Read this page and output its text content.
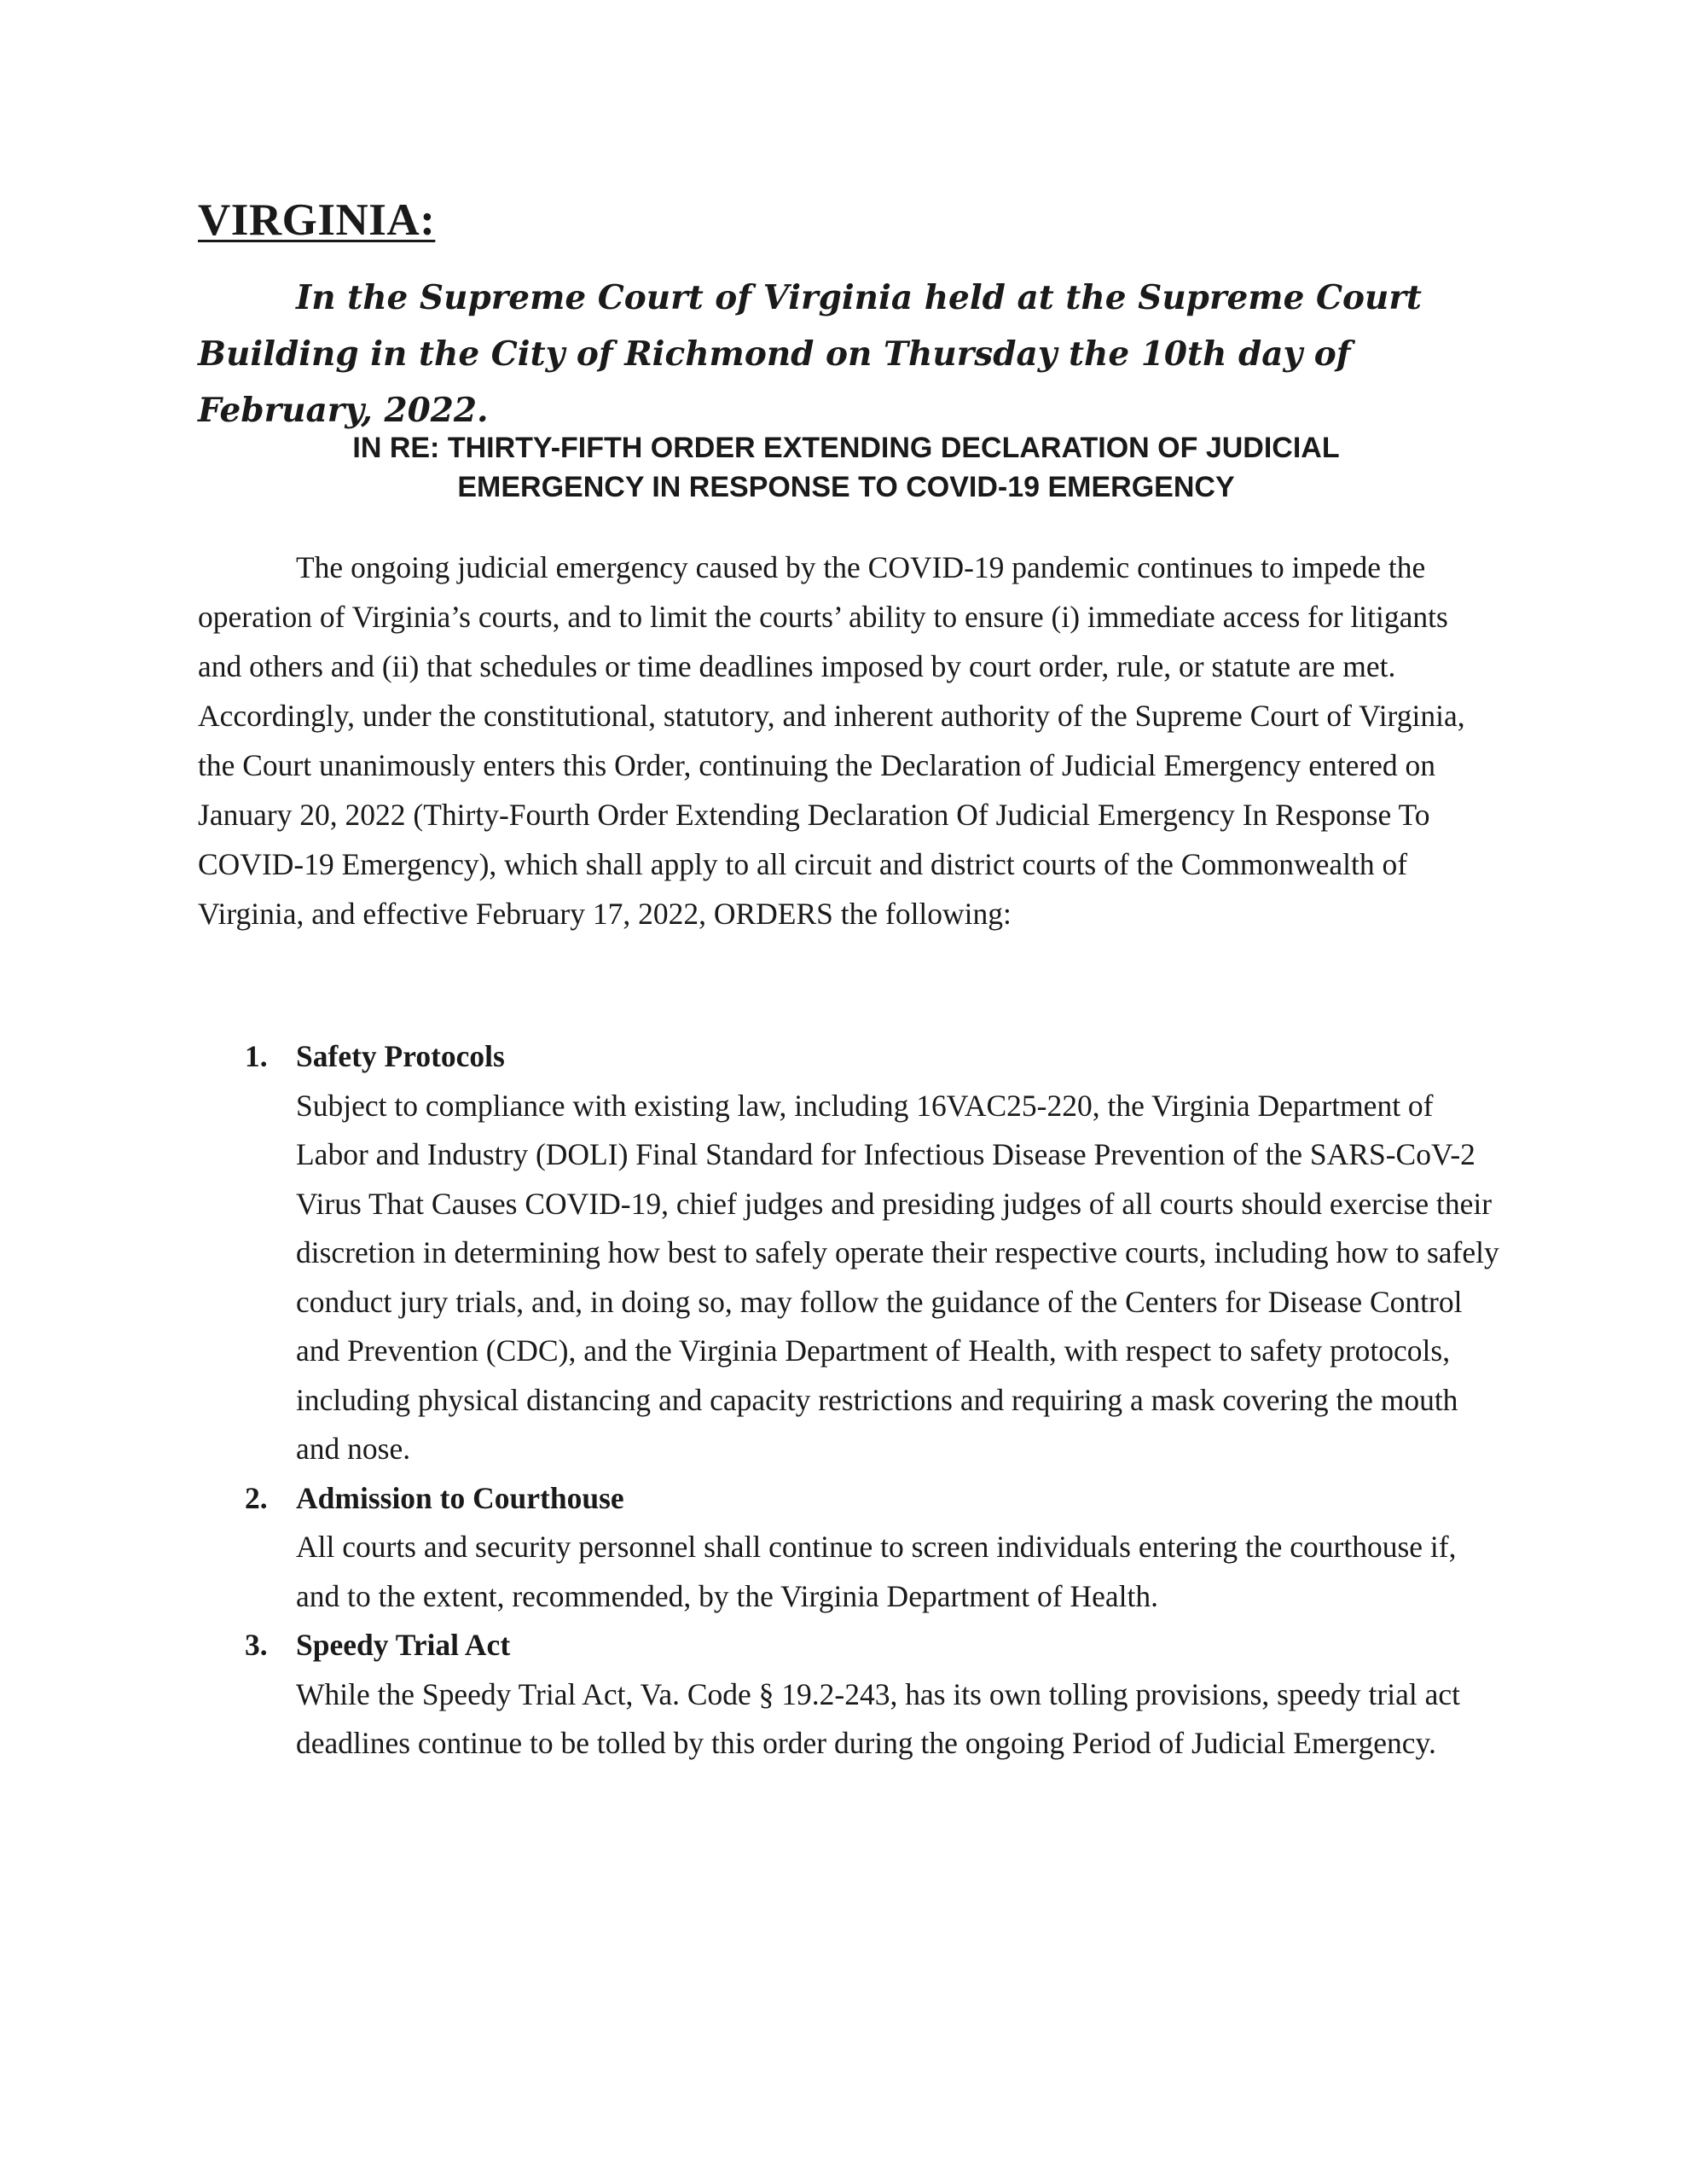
VIRGINIA:

In the Supreme Court of Virginia held at the Supreme Court Building in the City of Richmond on Thursday the 10th day of February, 2022.

IN RE: THIRTY-FIFTH ORDER EXTENDING DECLARATION OF JUDICIAL
EMERGENCY IN RESPONSE TO COVID-19 EMERGENCY

The ongoing judicial emergency caused by the COVID-19 pandemic continues to impede the operation of Virginia’s courts, and to limit the courts’ ability to ensure (i) immediate access for litigants and others and (ii) that schedules or time deadlines imposed by court order, rule, or statute are met. Accordingly, under the constitutional, statutory, and inherent authority of the Supreme Court of Virginia, the Court unanimously enters this Order, continuing the Declaration of Judicial Emergency entered on January 20, 2022 (Thirty-Fourth Order Extending Declaration Of Judicial Emergency In Response To COVID-19 Emergency), which shall apply to all circuit and district courts of the Commonwealth of Virginia, and effective February 17, 2022, ORDERS the following:

1. Safety Protocols
Subject to compliance with existing law, including 16VAC25-220, the Virginia Department of Labor and Industry (DOLI) Final Standard for Infectious Disease Prevention of the SARS-CoV-2 Virus That Causes COVID-19, chief judges and presiding judges of all courts should exercise their discretion in determining how best to safely operate their respective courts, including how to safely conduct jury trials, and, in doing so, may follow the guidance of the Centers for Disease Control and Prevention (CDC), and the Virginia Department of Health, with respect to safety protocols, including physical distancing and capacity restrictions and requiring a mask covering the mouth and nose.
2. Admission to Courthouse
All courts and security personnel shall continue to screen individuals entering the courthouse if, and to the extent, recommended, by the Virginia Department of Health.
3. Speedy Trial Act
While the Speedy Trial Act, Va. Code § 19.2-243, has its own tolling provisions, speedy trial act deadlines continue to be tolled by this order during the ongoing Period of Judicial Emergency.
